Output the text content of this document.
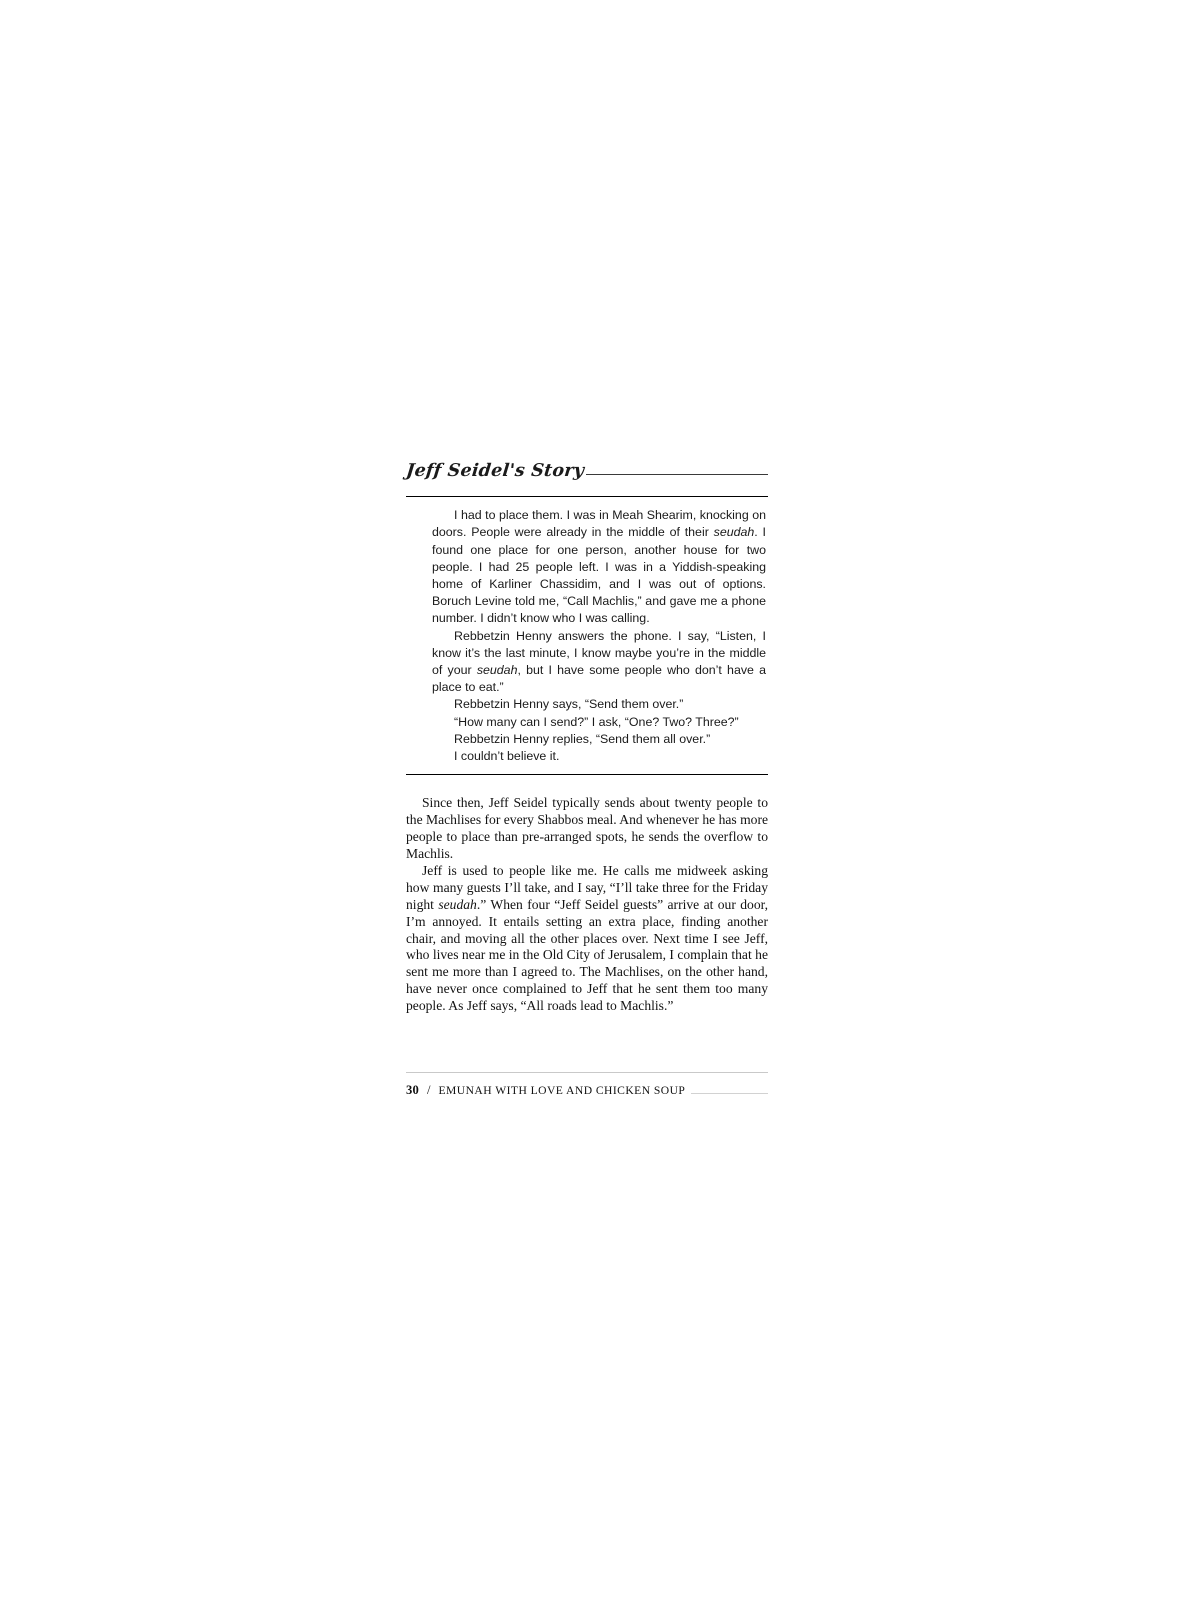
Jeff Seidel's Story

I had to place them. I was in Meah Shearim, knocking on doors. People were already in the middle of their seudah. I found one place for one person, another house for two people. I had 25 people left. I was in a Yiddish-speaking home of Karliner Chassidim, and I was out of options. Boruch Levine told me, “Call Machlis,” and gave me a phone number. I didn’t know who I was calling.

Rebbetzin Henny answers the phone. I say, “Listen, I know it’s the last minute, I know maybe you’re in the middle of your seudah, but I have some people who don’t have a place to eat.”

Rebbetzin Henny says, “Send them over.”

“How many can I send?” I ask, “One? Two? Three?”

Rebbetzin Henny replies, “Send them all over.”

I couldn’t believe it.

Since then, Jeff Seidel typically sends about twenty people to the Machlises for every Shabbos meal. And whenever he has more people to place than pre-arranged spots, he sends the overflow to Machlis.

Jeff is used to people like me. He calls me midweek asking how many guests I’ll take, and I say, “I’ll take three for the Friday night seudah.” When four “Jeff Seidel guests” arrive at our door, I’m annoyed. It entails setting an extra place, finding another chair, and moving all the other places over. Next time I see Jeff, who lives near me in the Old City of Jerusalem, I complain that he sent me more than I agreed to. The Machlises, on the other hand, have never once complained to Jeff that he sent them too many people. As Jeff says, “All roads lead to Machlis.”

30 / EMUNAH WITH LOVE AND CHICKEN SOUP
